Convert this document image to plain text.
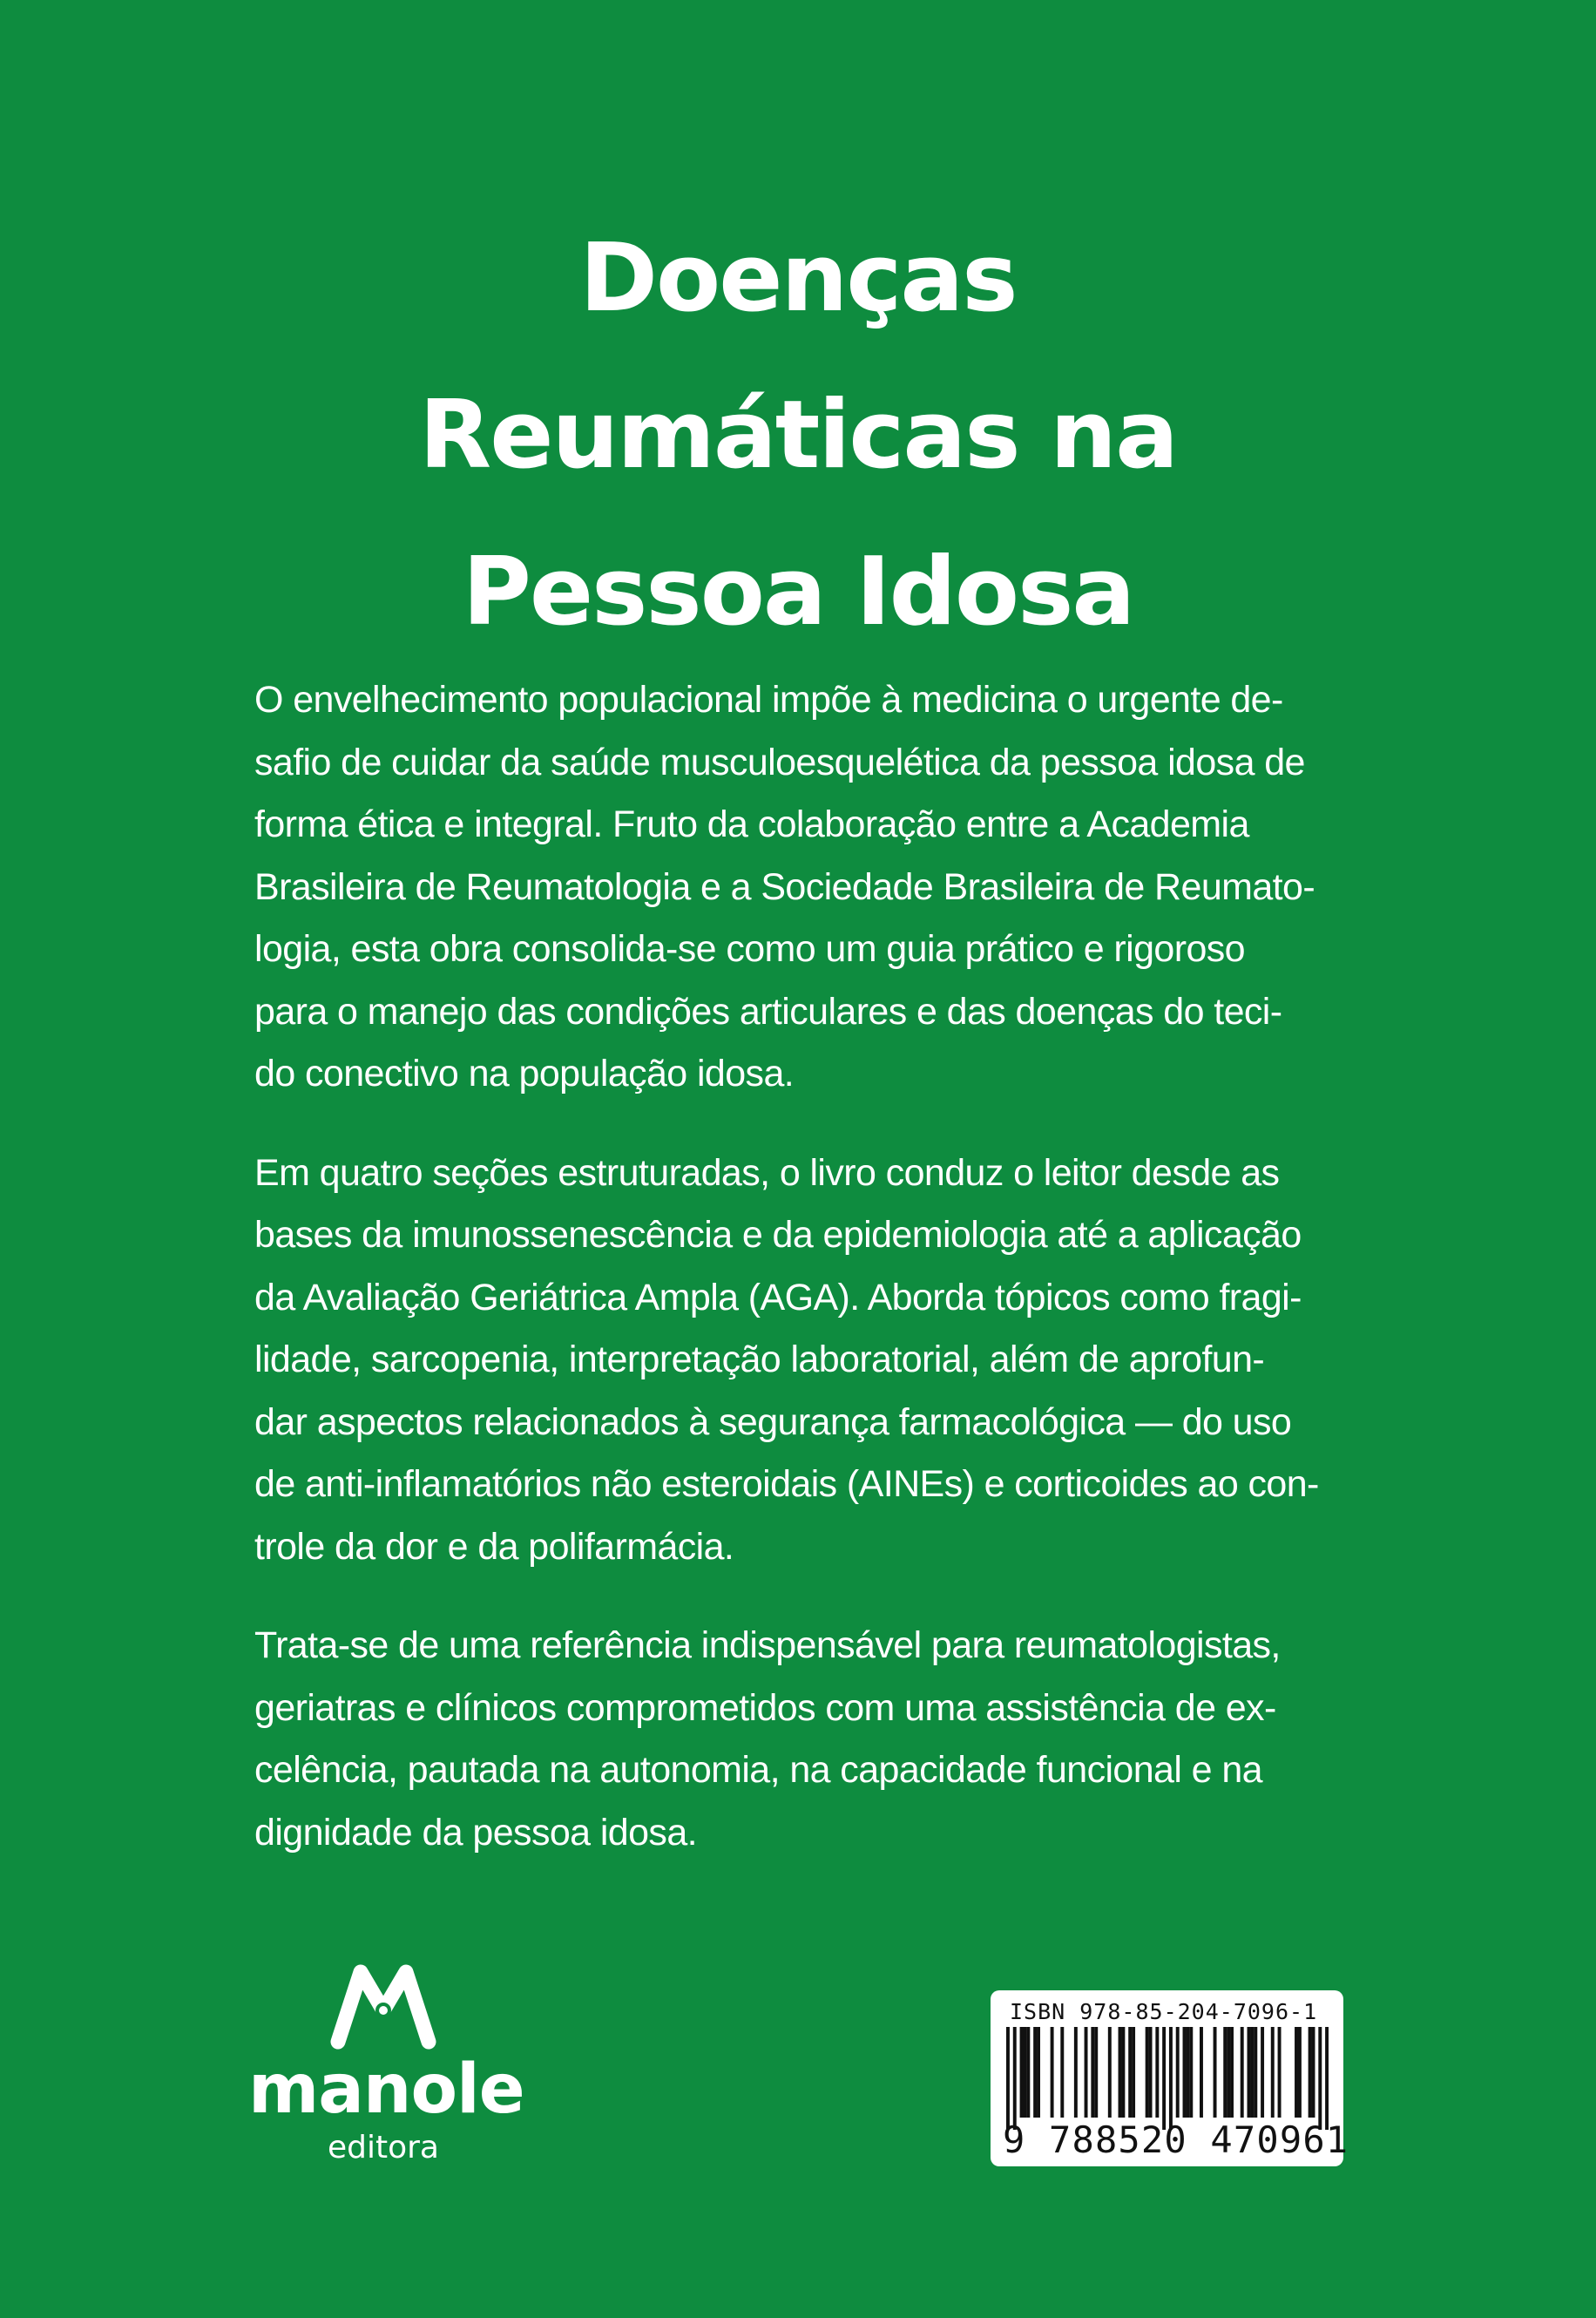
Doenças
Reumáticas na
Pessoa Idosa

O envelhecimento populacional impõe à medicina o urgente de-
safio de cuidar da saúde musculoesquelética da pessoa idosa de
forma ética e integral. Fruto da colaboração entre a Academia
Brasileira de Reumatologia e a Sociedade Brasileira de Reumato-
logia, esta obra consolida-se como um guia prático e rigoroso
para o manejo das condições articulares e das doenças do teci-
do conectivo na população idosa.

Em quatro seções estruturadas, o livro conduz o leitor desde as
bases da imunossenescência e da epidemiologia até a aplicação
da Avaliação Geriátrica Ampla (AGA). Aborda tópicos como fragi-
lidade, sarcopenia, interpretação laboratorial, além de aprofun-
dar aspectos relacionados à segurança farmacológica — do uso
de anti-inflamatórios não esteroidais (AINEs) e corticoides ao con-
trole da dor e da polifarmácia.

Trata-se de uma referência indispensável para reumatologistas,
geriatras e clínicos comprometidos com uma assistência de ex-
celência, pautada na autonomia, na capacidade funcional e na
dignidade da pessoa idosa.

manole
editora
ISBN 978-85-204-7096-1
9 788520 470961
